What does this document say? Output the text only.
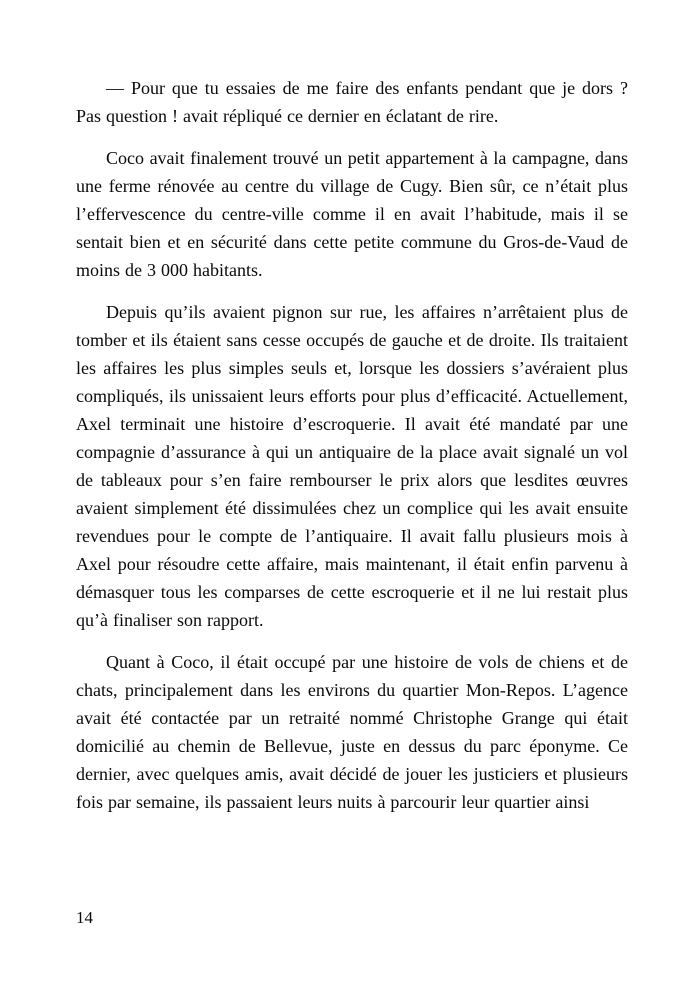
— Pour que tu essaies de me faire des enfants pendant que je dors ? Pas question ! avait répliqué ce dernier en éclatant de rire.

Coco avait finalement trouvé un petit appartement à la campagne, dans une ferme rénovée au centre du village de Cugy. Bien sûr, ce n’était plus l’effervescence du centre-ville comme il en avait l’habitude, mais il se sentait bien et en sécurité dans cette petite commune du Gros-de-Vaud de moins de 3 000 habitants.

Depuis qu’ils avaient pignon sur rue, les affaires n’arrêtaient plus de tomber et ils étaient sans cesse occupés de gauche et de droite. Ils traitaient les affaires les plus simples seuls et, lorsque les dossiers s’avéraient plus compliqués, ils unissaient leurs efforts pour plus d’efficacité. Actuellement, Axel terminait une histoire d’escroquerie. Il avait été mandaté par une compagnie d’assurance à qui un antiquaire de la place avait signalé un vol de tableaux pour s’en faire rembourser le prix alors que lesdites œuvres avaient simplement été dissimulées chez un complice qui les avait ensuite revendues pour le compte de l’antiquaire. Il avait fallu plusieurs mois à Axel pour résoudre cette affaire, mais maintenant, il était enfin parvenu à démasquer tous les comparses de cette escroquerie et il ne lui restait plus qu’à finaliser son rapport.

Quant à Coco, il était occupé par une histoire de vols de chiens et de chats, principalement dans les environs du quartier Mon-Repos. L’agence avait été contactée par un retraité nommé Christophe Grange qui était domicilié au chemin de Bellevue, juste en dessus du parc éponyme. Ce dernier, avec quelques amis, avait décidé de jouer les justiciers et plusieurs fois par semaine, ils passaient leurs nuits à parcourir leur quartier ainsi

14
